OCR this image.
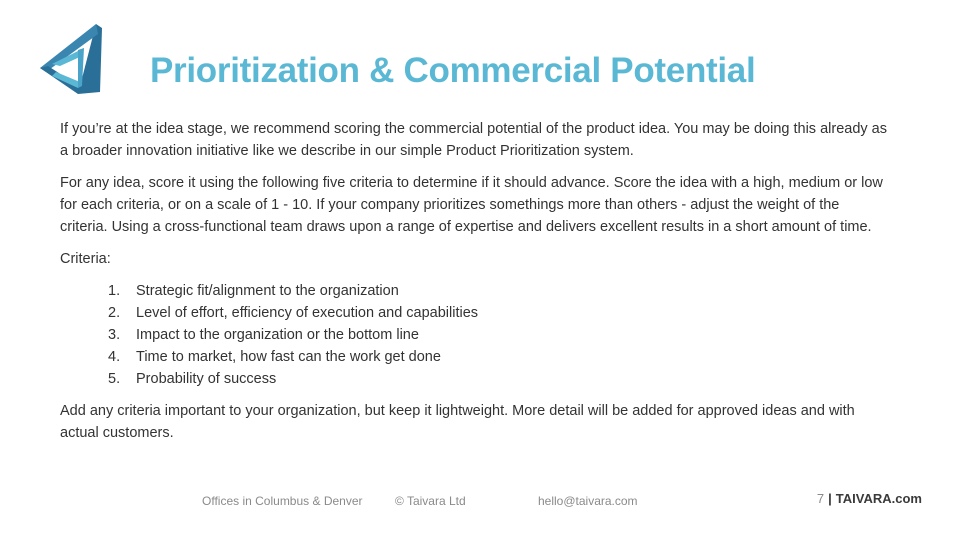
Prioritization & Commercial Potential

If you’re at the idea stage, we recommend scoring the commercial potential of the product idea. You may be doing this already as a broader innovation initiative like we describe in our simple Product Prioritization system.

For any idea, score it using the following five criteria to determine if it should advance. Score the idea with a high, medium or low for each criteria, or on a scale of 1 - 10. If your company prioritizes somethings more than others - adjust the weight of the criteria. Using a cross-functional team draws upon a range of expertise and delivers excellent results in a short amount of time.

Criteria:

1.	Strategic fit/alignment to the organization
2.	Level of effort, efficiency of execution and capabilities
3.	Impact to the organization or the bottom line
4.	Time to market, how fast can the work get done
5.	Probability of success

Add any criteria important to your organization, but keep it lightweight. More detail will be added for approved ideas and with actual customers.

Offices in Columbus & Denver	© Taivara Ltd	hello@taivara.com	7 | TAIVARA.com
